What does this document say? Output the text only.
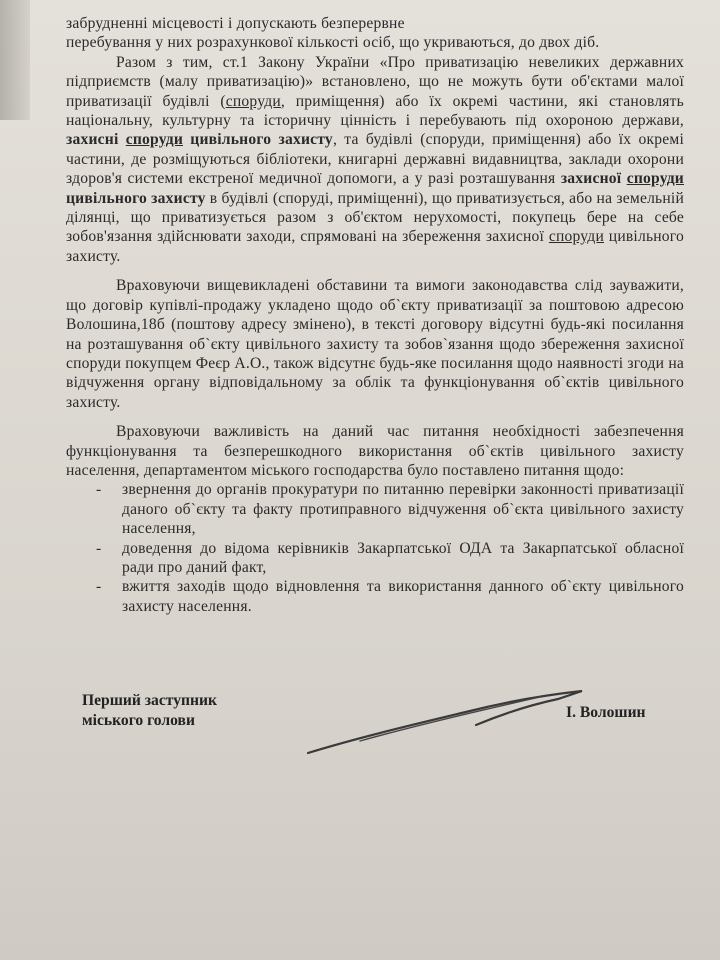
забрудненні місцевості і допускають безперервне
перебування у них розрахункової кількості осіб, що укриваються, до двох діб.

Разом з тим, ст.1 Закону України «Про приватизацію невеликих державних підприємств (малу приватизацію)» встановлено, що не можуть бути об'єктами малої приватизації будівлі (споруди, приміщення) або їх окремі частини, які становлять національну, культурну та історичну цінність і перебувають під охороною держави, захисні споруди цивільного захисту, та будівлі (споруди, приміщення) або їх окремі частини, де розміщуються бібліотеки, книгарні державні видавництва, заклади охорони здоров'я системи екстреної медичної допомоги, а у разі розташування захисної споруди цивільного захисту в будівлі (споруді, приміщенні), що приватизується, або на земельній ділянці, що приватизується разом з об'єктом нерухомості, покупець бере на себе зобов'язання здійснювати заходи, спрямовані на збереження захисної споруди цивільного захисту.

Враховуючи вищевикладені обставини та вимоги законодавства слід зауважити, що договір купівлі-продажу укладено щодо об`єкту приватизації за поштовою адресою Волошина,18б (поштову адресу змінено), в тексті договору відсутні будь-які посилання на розташування об`єкту цивільного захисту та зобов`язання щодо збереження захисної споруди покупцем Феєр А.О., також відсутнє будь-яке посилання щодо наявності згоди на відчуження органу відповідальному за облік та функціонування об`єктів цивільного захисту.

Враховуючи важливість на даний час питання необхідності забезпечення функціонування та безперешкодного використання об`єктів цивільного захисту населення, департаментом міського господарства було поставлено питання щодо:

- звернення до органів прокуратури по питанню перевірки законності приватизації даного об`єкту та факту протиправного відчуження об`єкта цивільного захисту населення,
- доведення до відома керівників Закарпатської ОДА та Закарпатської обласної ради про даний факт,
- вжиття заходів щодо відновлення та використання данного об`єкту цивільного захисту населення.
Перший заступник
міського голови	І. Волошин
